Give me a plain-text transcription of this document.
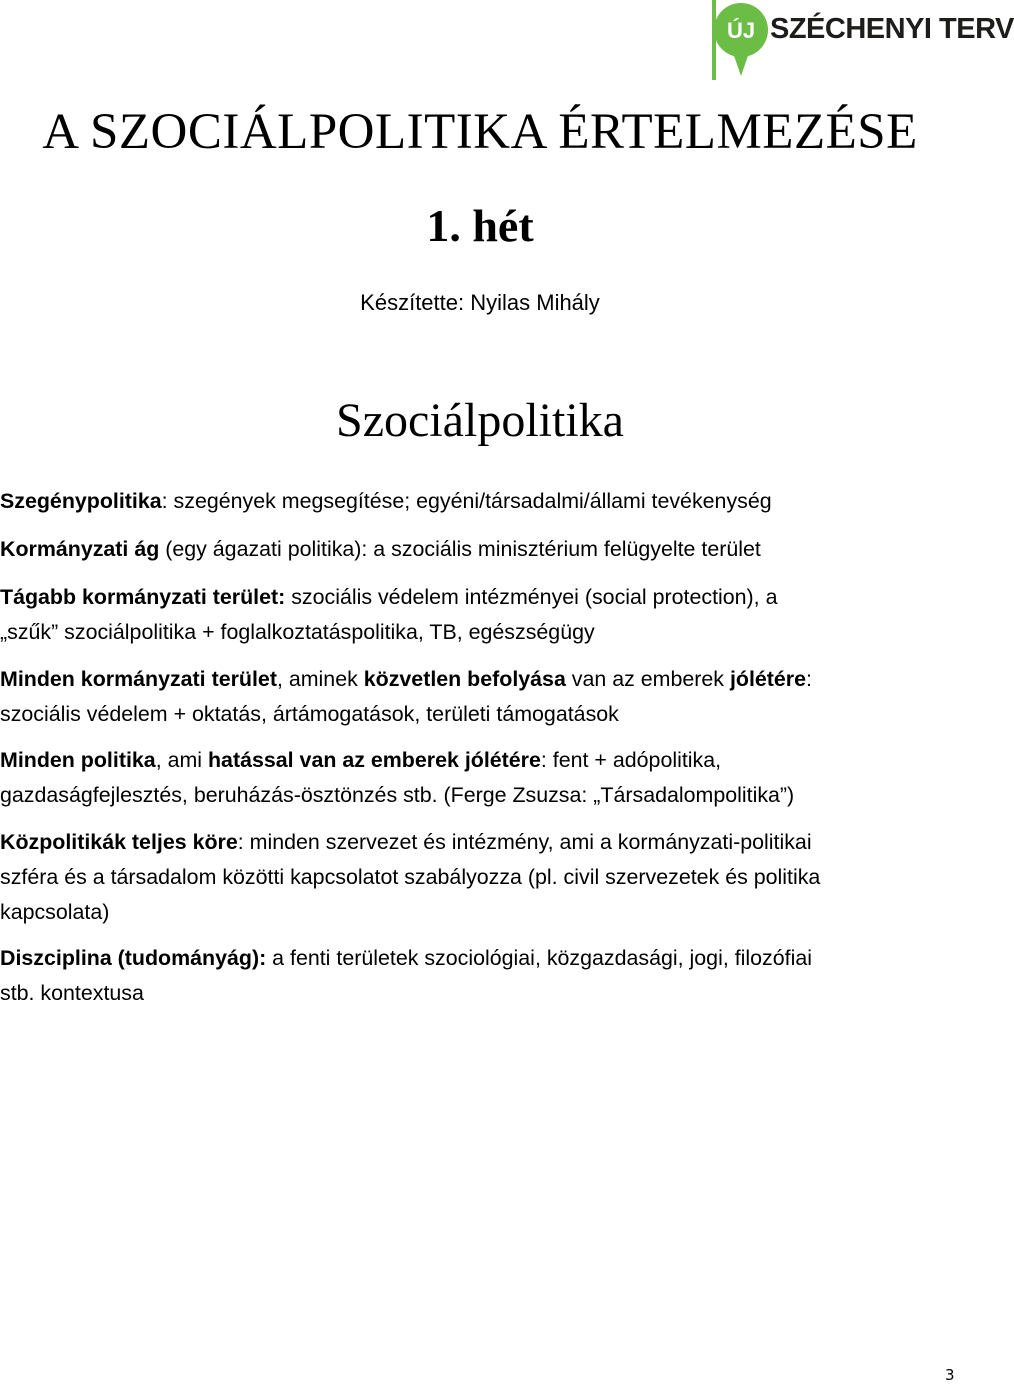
ÚJ SZÉCHENYI TERV
A SZOCIÁLPOLITIKA ÉRTELMEZÉSE
1. hét
Készítette: Nyilas Mihály
Szociálpolitika

Szegénypolitika: szegények megsegítése; egyéni/társadalmi/állami tevékenység

Kormányzati ág (egy ágazati politika): a szociális minisztérium felügyelte terület

Tágabb kormányzati terület: szociális védelem intézményei (social protection), a
„szűk” szociálpolitika + foglalkoztatáspolitika, TB, egészségügy

Minden kormányzati terület, aminek közvetlen befolyása van az emberek jólétére:
szociális védelem + oktatás, ártámogatások, területi támogatások

Minden politika, ami hatással van az emberek jólétére: fent + adópolitika,
gazdaságfejlesztés, beruházás-ösztönzés stb. (Ferge Zsuzsa: „Társadalompolitika”)

Közpolitikák teljes köre: minden szervezet és intézmény, ami a kormányzati-politikai
szféra és a társadalom közötti kapcsolatot szabályozza (pl. civil szervezetek és politika
kapcsolata)

Diszciplina (tudományág): a fenti területek szociológiai, közgazdasági, jogi, filozófiai
stb. kontextusa

3
